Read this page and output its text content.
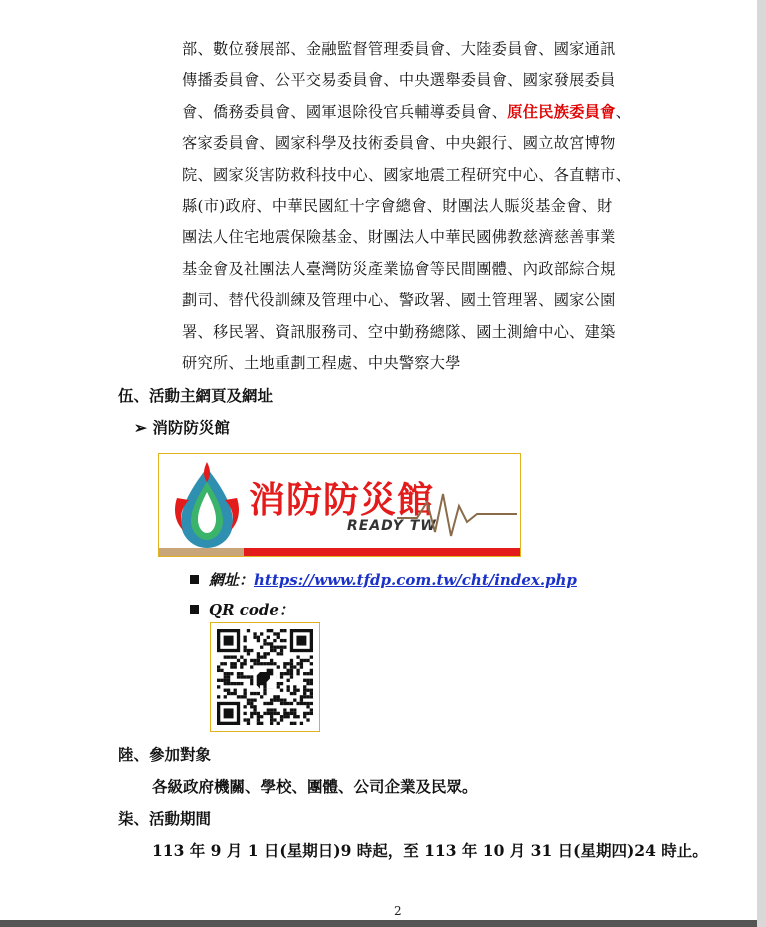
部、數位發展部、金融監督管理委員會、大陸委員會、國家通訊
傳播委員會、公平交易委員會、中央選舉委員會、國家發展委員
會、僑務委員會、國軍退除役官兵輔導委員會、原住民族委員會、
客家委員會、國家科學及技術委員會、中央銀行、國立故宮博物
院、國家災害防救科技中心、國家地震工程研究中心、各直轄市、
縣(市)政府、中華民國紅十字會總會、財團法人賑災基金會、財
團法人住宅地震保險基金、財團法人中華民國佛教慈濟慈善事業
基金會及社團法人臺灣防災產業協會等民間團體、內政部綜合規
劃司、替代役訓練及管理中心、警政署、國土管理署、國家公園
署、移民署、資訊服務司、空中勤務總隊、國土測繪中心、建築
研究所、土地重劃工程處、中央警察大學
伍、活動主網頁及網址
➢ 消防防災館
消防防災館
READY TW
網址：https://www.tfdp.com.tw/cht/index.php
QR code：
陸、參加對象
各級政府機關、學校、團體、公司企業及民眾。
柒、活動期間
113 年 9 月 1 日(星期日)9 時起，至 113 年 10 月 31 日(星期四)24 時止。
2
